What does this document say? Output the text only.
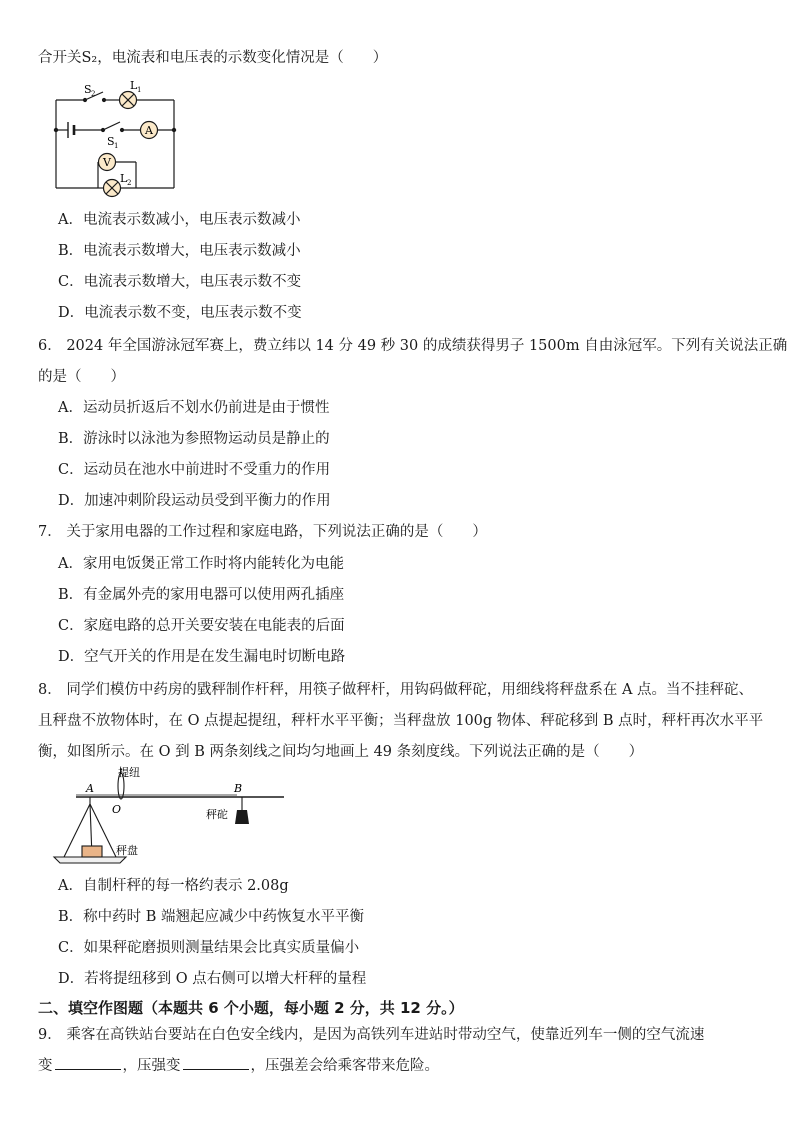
合开关S₂，电流表和电压表的示数变化情况是（　　）
S 2
L 1
S 1
A
V
L 2
A．电流表示数减小，电压表示数减小
B．电流表示数增大，电压表示数减小
C．电流表示数增大，电压表示数不变
D．电流表示数不变，电压表示数不变
6． 2024 年全国游泳冠军赛上，费立纬以 14 分 49 秒 30 的成绩获得男子 1500m 自由泳冠军。下列有关说法正确
的是（　　）
A．运动员折返后不划水仍前进是由于惯性
B．游泳时以泳池为参照物运动员是静止的
C．运动员在池水中前进时不受重力的作用
D．加速冲刺阶段运动员受到平衡力的作用
7． 关于家用电器的工作过程和家庭电路，下列说法正确的是（　　）
A．家用电饭煲正常工作时将内能转化为电能
B．有金属外壳的家用电器可以使用两孔插座
C．家庭电路的总开关要安装在电能表的后面
D．空气开关的作用是在发生漏电时切断电路
8． 同学们模仿中药房的戥秤制作杆秤，用筷子做秤杆，用钩码做秤砣，用细线将秤盘系在 A 点。当不挂秤砣、
且秤盘不放物体时，在 O 点提起提纽，秤杆水平平衡；当秤盘放 100g 物体、秤砣移到 B 点时，秤杆再次水平平
衡，如图所示。在 O 到 B 两条刻线之间均匀地画上 49 条刻度线。下列说法正确的是（　　）
提纽
A
O
B
秤砣
秤盘
A．自制杆秤的每一格约表示 2.08g
B．称中药时 B 端翘起应减少中药恢复水平平衡
C．如果秤砣磨损则测量结果会比真实质量偏小
D．若将提纽移到 O 点右侧可以增大杆秤的量程
二、填空作图题（本题共 6 个小题，每小题 2 分，共 12 分。）
9． 乘客在高铁站台要站在白色安全线内，是因为高铁列车进站时带动空气，使靠近列车一侧的空气流速
变	，压强变	，压强差会给乘客带来危险。
